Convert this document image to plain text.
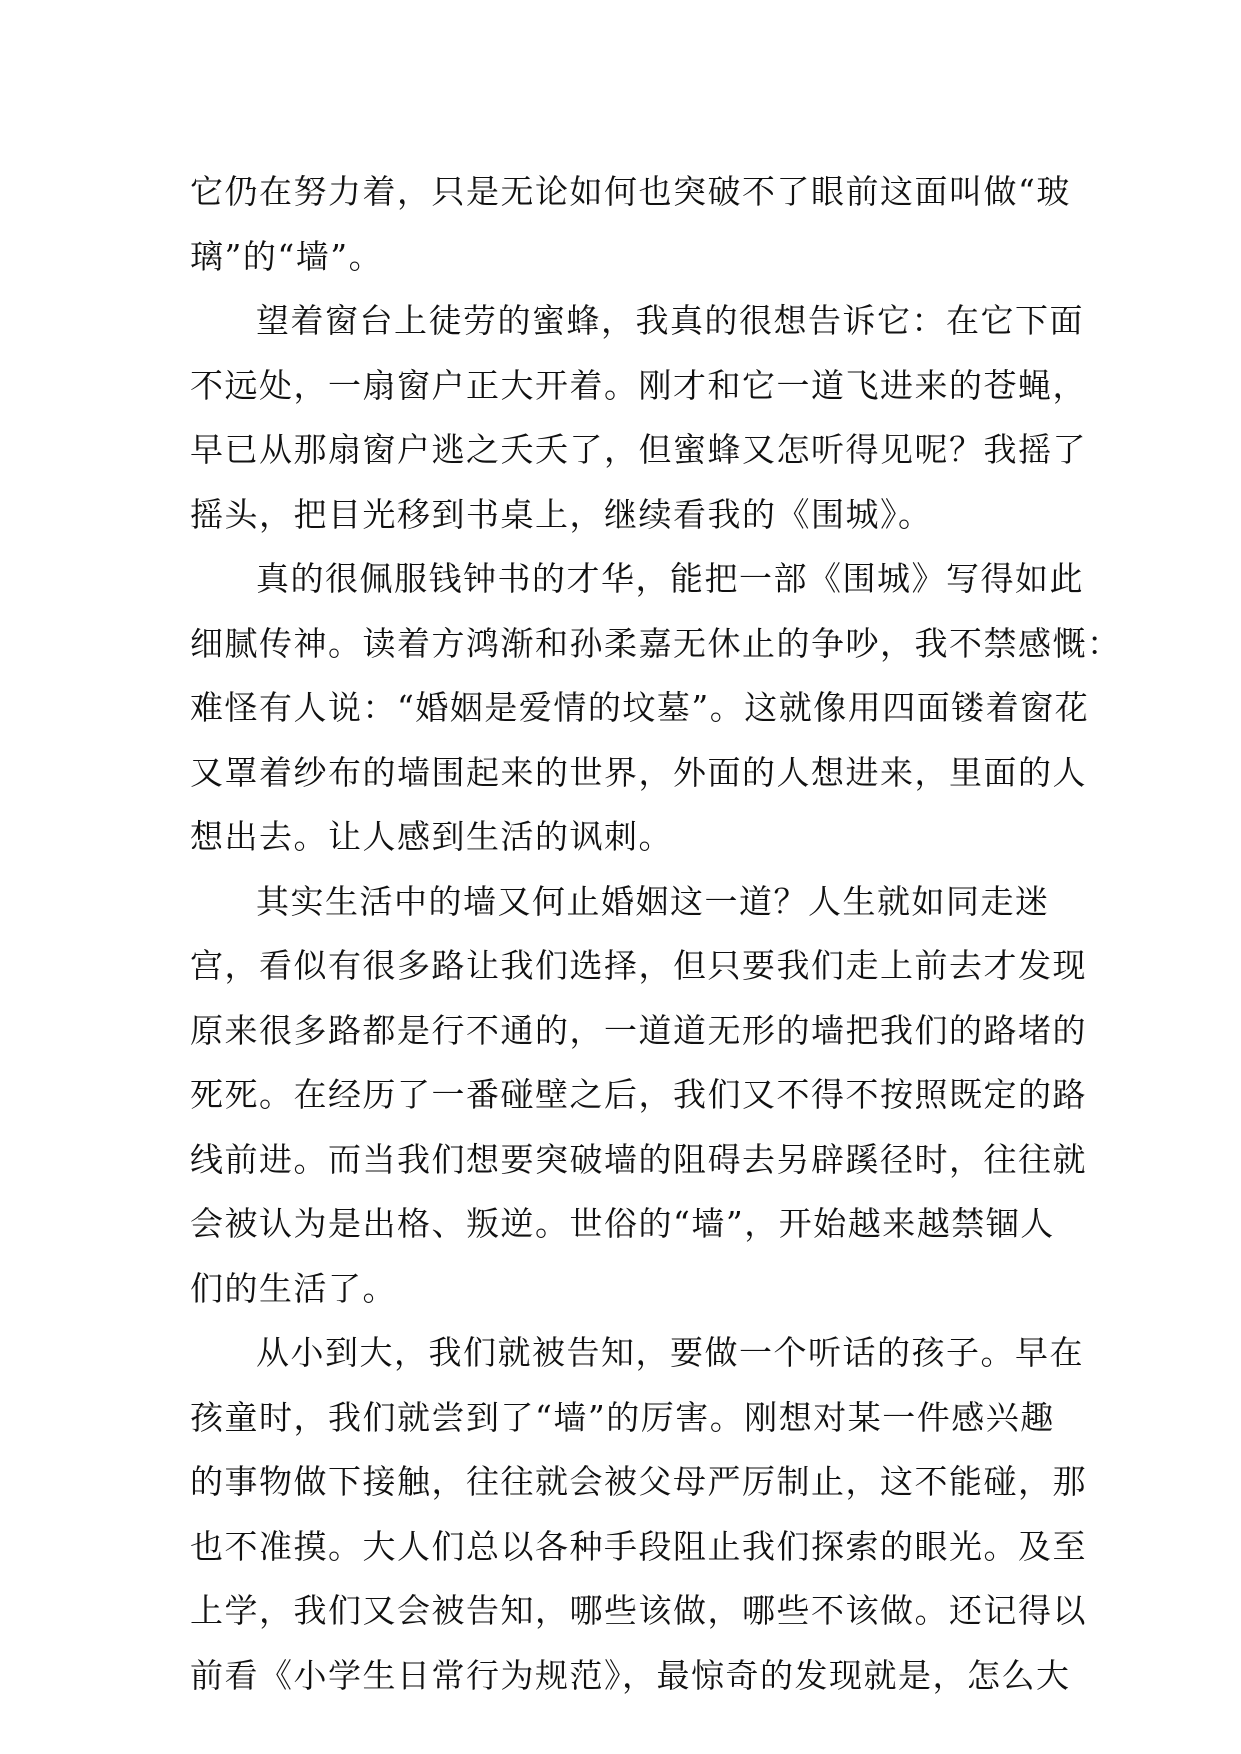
它仍在努力着，只是无论如何也突破不了眼前这面叫做“玻
璃”的“墙”。

望着窗台上徒劳的蜜蜂，我真的很想告诉它：在它下面
不远处，一扇窗户正大开着。刚才和它一道飞进来的苍蝇，
早已从那扇窗户逃之夭夭了，但蜜蜂又怎听得见呢？我摇了
摇头，把目光移到书桌上，继续看我的《围城》。

真的很佩服钱钟书的才华，能把一部《围城》写得如此
细腻传神。读着方鸿渐和孙柔嘉无休止的争吵，我不禁感慨：
难怪有人说：“婚姻是爱情的坟墓”。这就像用四面镂着窗花
又罩着纱布的墙围起来的世界，外面的人想进来，里面的人
想出去。让人感到生活的讽刺。

其实生活中的墙又何止婚姻这一道？人生就如同走迷
宫，看似有很多路让我们选择，但只要我们走上前去才发现
原来很多路都是行不通的，一道道无形的墙把我们的路堵的
死死。在经历了一番碰壁之后，我们又不得不按照既定的路
线前进。而当我们想要突破墙的阻碍去另辟蹊径时，往往就
会被认为是出格、叛逆。世俗的“墙”，开始越来越禁锢人
们的生活了。

从小到大，我们就被告知，要做一个听话的孩子。早在
孩童时，我们就尝到了“墙”的厉害。刚想对某一件感兴趣
的事物做下接触，往往就会被父母严厉制止，这不能碰，那
也不准摸。大人们总以各种手段阻止我们探索的眼光。及至
上学，我们又会被告知，哪些该做，哪些不该做。还记得以
前看《小学生日常行为规范》，最惊奇的发现就是，怎么大
